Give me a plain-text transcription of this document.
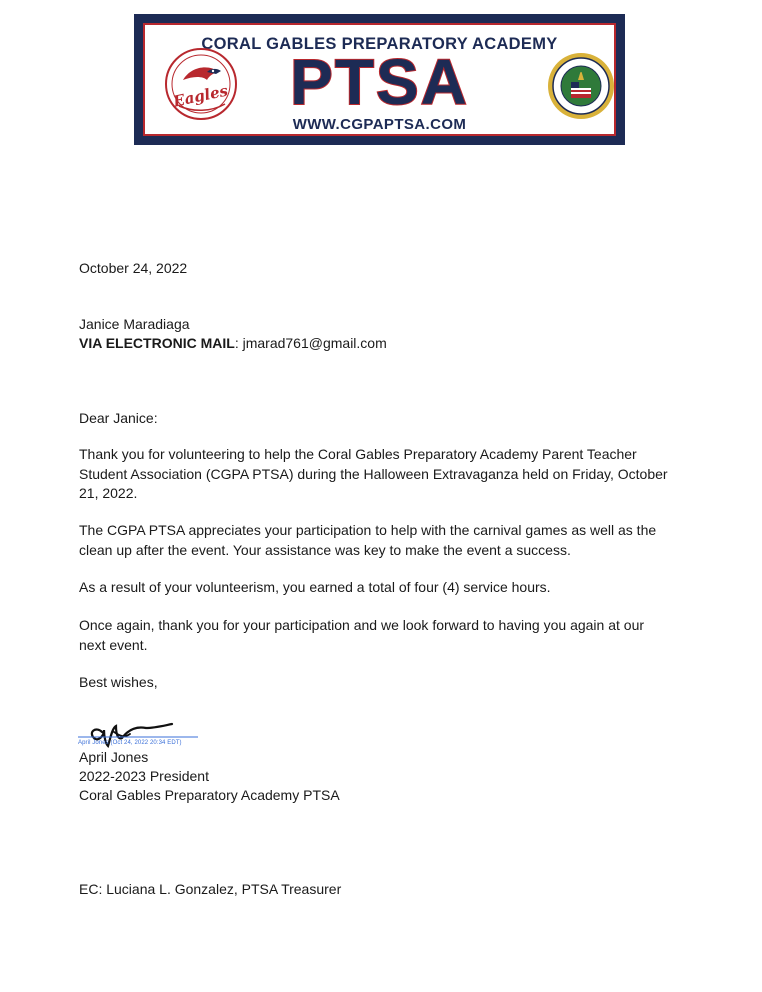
CORAL GABLES PREPARATORY ACADEMY
PTSA
WWW.CGPAPTSA.COM
Eagles
October 24, 2022
Janice Maradiaga
VIA ELECTRONIC MAIL: jmarad761@gmail.com
Dear Janice:
Thank you for volunteering to help the Coral Gables Preparatory Academy Parent Teacher Student Association (CGPA PTSA) during the Halloween Extravaganza held on Friday, October 21, 2022.
The CGPA PTSA appreciates your participation to help with the carnival games as well as the clean up after the event. Your assistance was key to make the event a success.
As a result of your volunteerism, you earned a total of four (4) service hours.
Once again, thank you for your participation and we look forward to having you again at our next event.
Best wishes,
April Jones (Oct 24, 2022 20:34 EDT)
April Jones
2022-2023 President
Coral Gables Preparatory Academy PTSA
EC: Luciana L. Gonzalez, PTSA Treasurer
